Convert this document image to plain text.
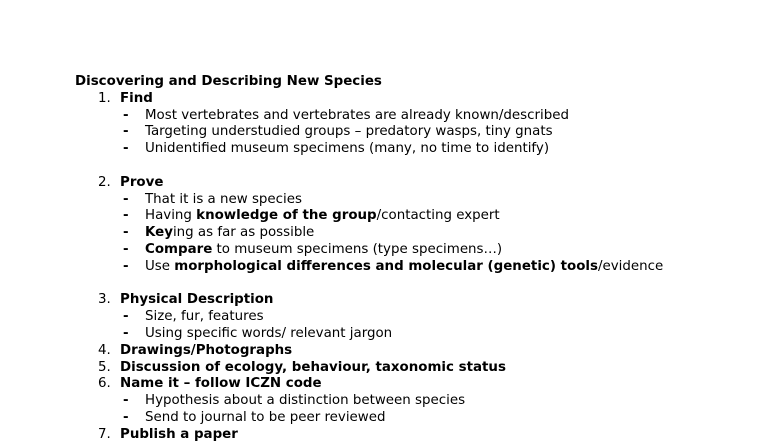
Discovering and Describing New Species
1. Find
- Most vertebrates and vertebrates are already known/described
- Targeting understudied groups – predatory wasps, tiny gnats
- Unidentified museum specimens (many, no time to identify)
2. Prove
- That it is a new species
- Having knowledge of the group/contacting expert
- Keying as far as possible
- Compare to museum specimens (type specimens…)
- Use morphological differences and molecular (genetic) tools/evidence
3. Physical Description
- Size, fur, features
- Using specific words/ relevant jargon
4. Drawings/Photographs
5. Discussion of ecology, behaviour, taxonomic status
6. Name it – follow ICZN code
- Hypothesis about a distinction between species
- Send to journal to be peer reviewed
7. Publish a paper
